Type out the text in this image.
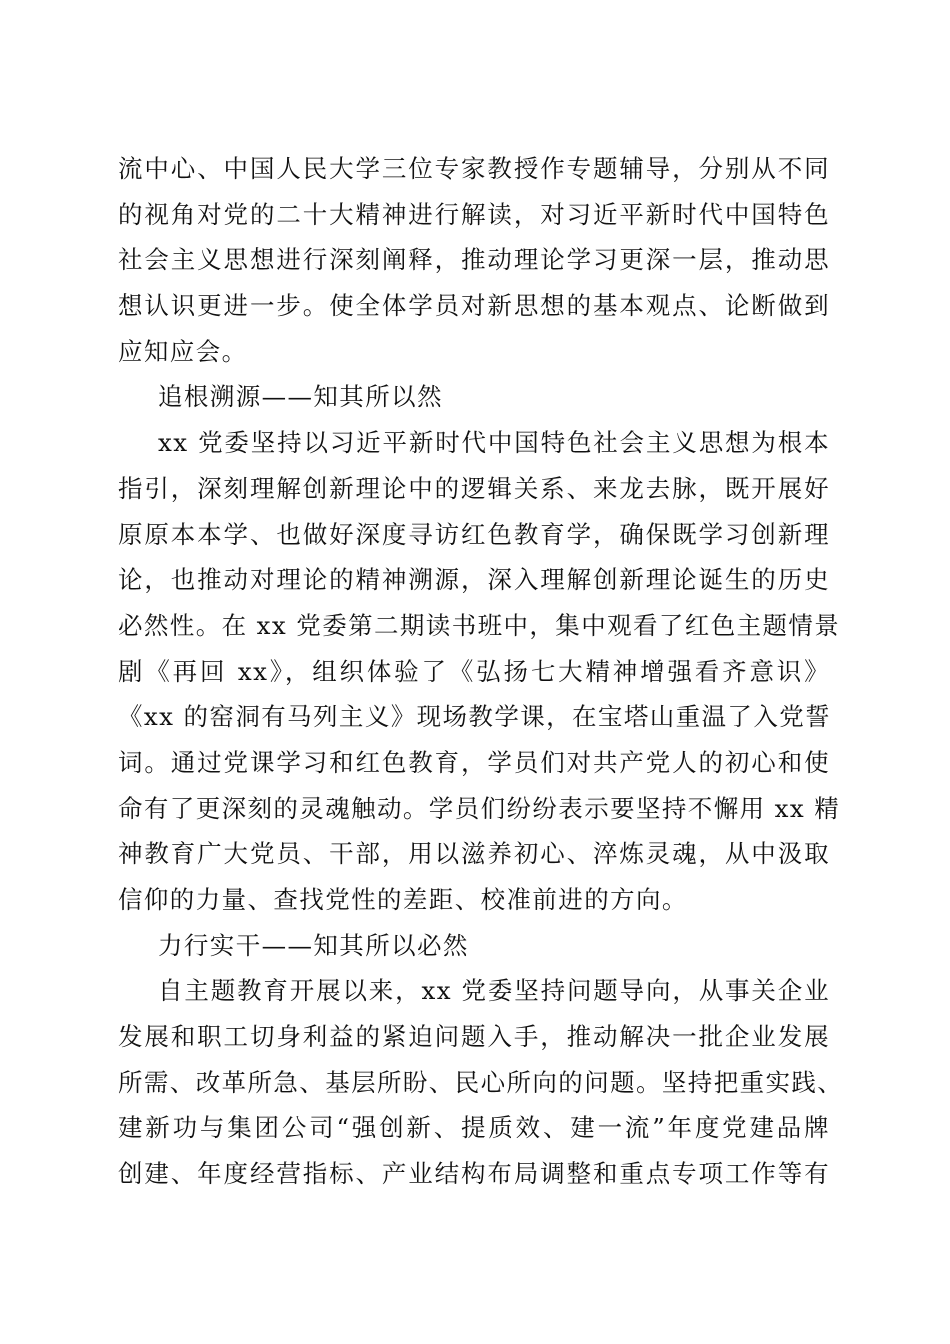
流中心、中国人民大学三位专家教授作专题辅导，分别从不同
的视角对党的二十大精神进行解读，对习近平新时代中国特色
社会主义思想进行深刻阐释，推动理论学习更深一层，推动思
想认识更进一步。使全体学员对新思想的基本观点、论断做到
应知应会。
追根溯源——知其所以然
xx 党委坚持以习近平新时代中国特色社会主义思想为根本
指引，深刻理解创新理论中的逻辑关系、来龙去脉，既开展好
原原本本学、也做好深度寻访红色教育学，确保既学习创新理
论，也推动对理论的精神溯源，深入理解创新理论诞生的历史
必然性。在 xx 党委第二期读书班中，集中观看了红色主题情景
剧《再回 xx》，组织体验了《弘扬七大精神增强看齐意识》
《xx 的窑洞有马列主义》现场教学课，在宝塔山重温了入党誓
词。通过党课学习和红色教育，学员们对共产党人的初心和使
命有了更深刻的灵魂触动。学员们纷纷表示要坚持不懈用 xx 精
神教育广大党员、干部，用以滋养初心、淬炼灵魂，从中汲取
信仰的力量、查找党性的差距、校准前进的方向。
力行实干——知其所以必然
自主题教育开展以来，xx 党委坚持问题导向，从事关企业
发展和职工切身利益的紧迫问题入手，推动解决一批企业发展
所需、改革所急、基层所盼、民心所向的问题。坚持把重实践、
建新功与集团公司“强创新、提质效、建一流”年度党建品牌
创建、年度经营指标、产业结构布局调整和重点专项工作等有
